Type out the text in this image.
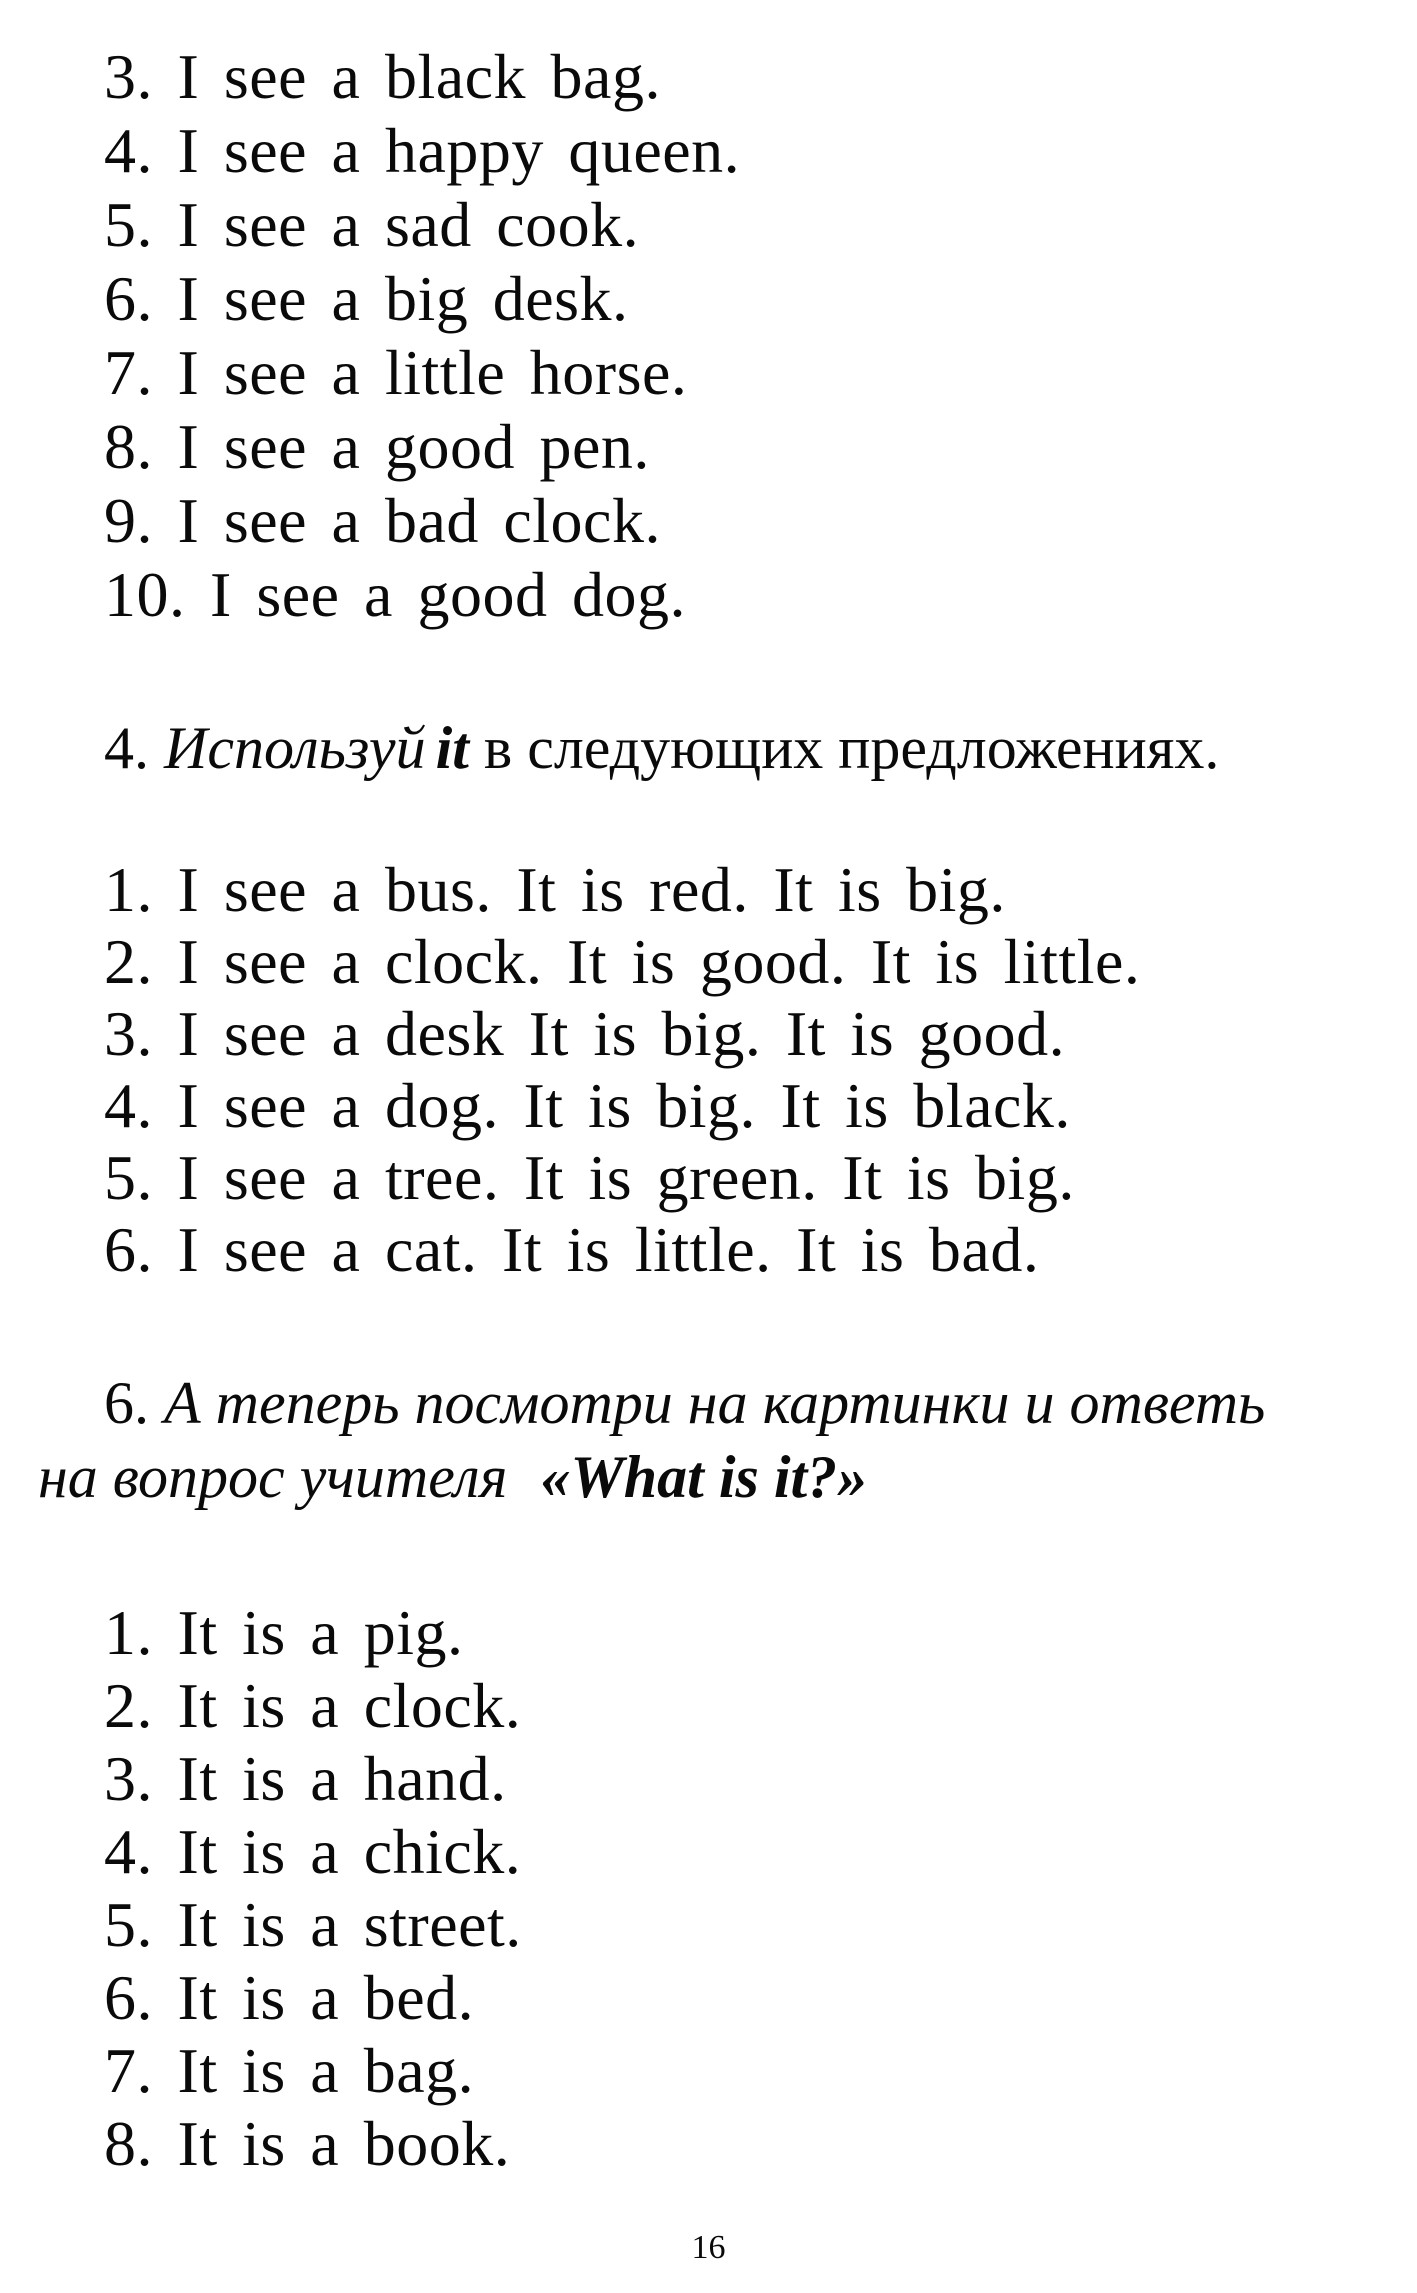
3. I see a black bag.
4. I see a happy queen.
5. I see a sad cook.
6. I see a big desk.
7. I see a little horse.
8. I see a good pen.
9. I see a bad clock.
10. I see a good dog.
4. Используй it в следующих предложениях.
1. I see a bus. It is red. It is big.
2. I see a clock. It is good. It is little.
3. I see a desk It is big. It is good.
4. I see a dog. It is big. It is black.
5. I see a tree. It is green. It is big.
6. I see a cat. It is little. It is bad.
6. А теперь посмотри на картинки и ответь
на вопрос учителя «What is it?»
1. It is a pig.
2. It is a clock.
3. It is a hand.
4. It is a chick.
5. It is a street.
6. It is a bed.
7. It is a bag.
8. It is a book.
16
